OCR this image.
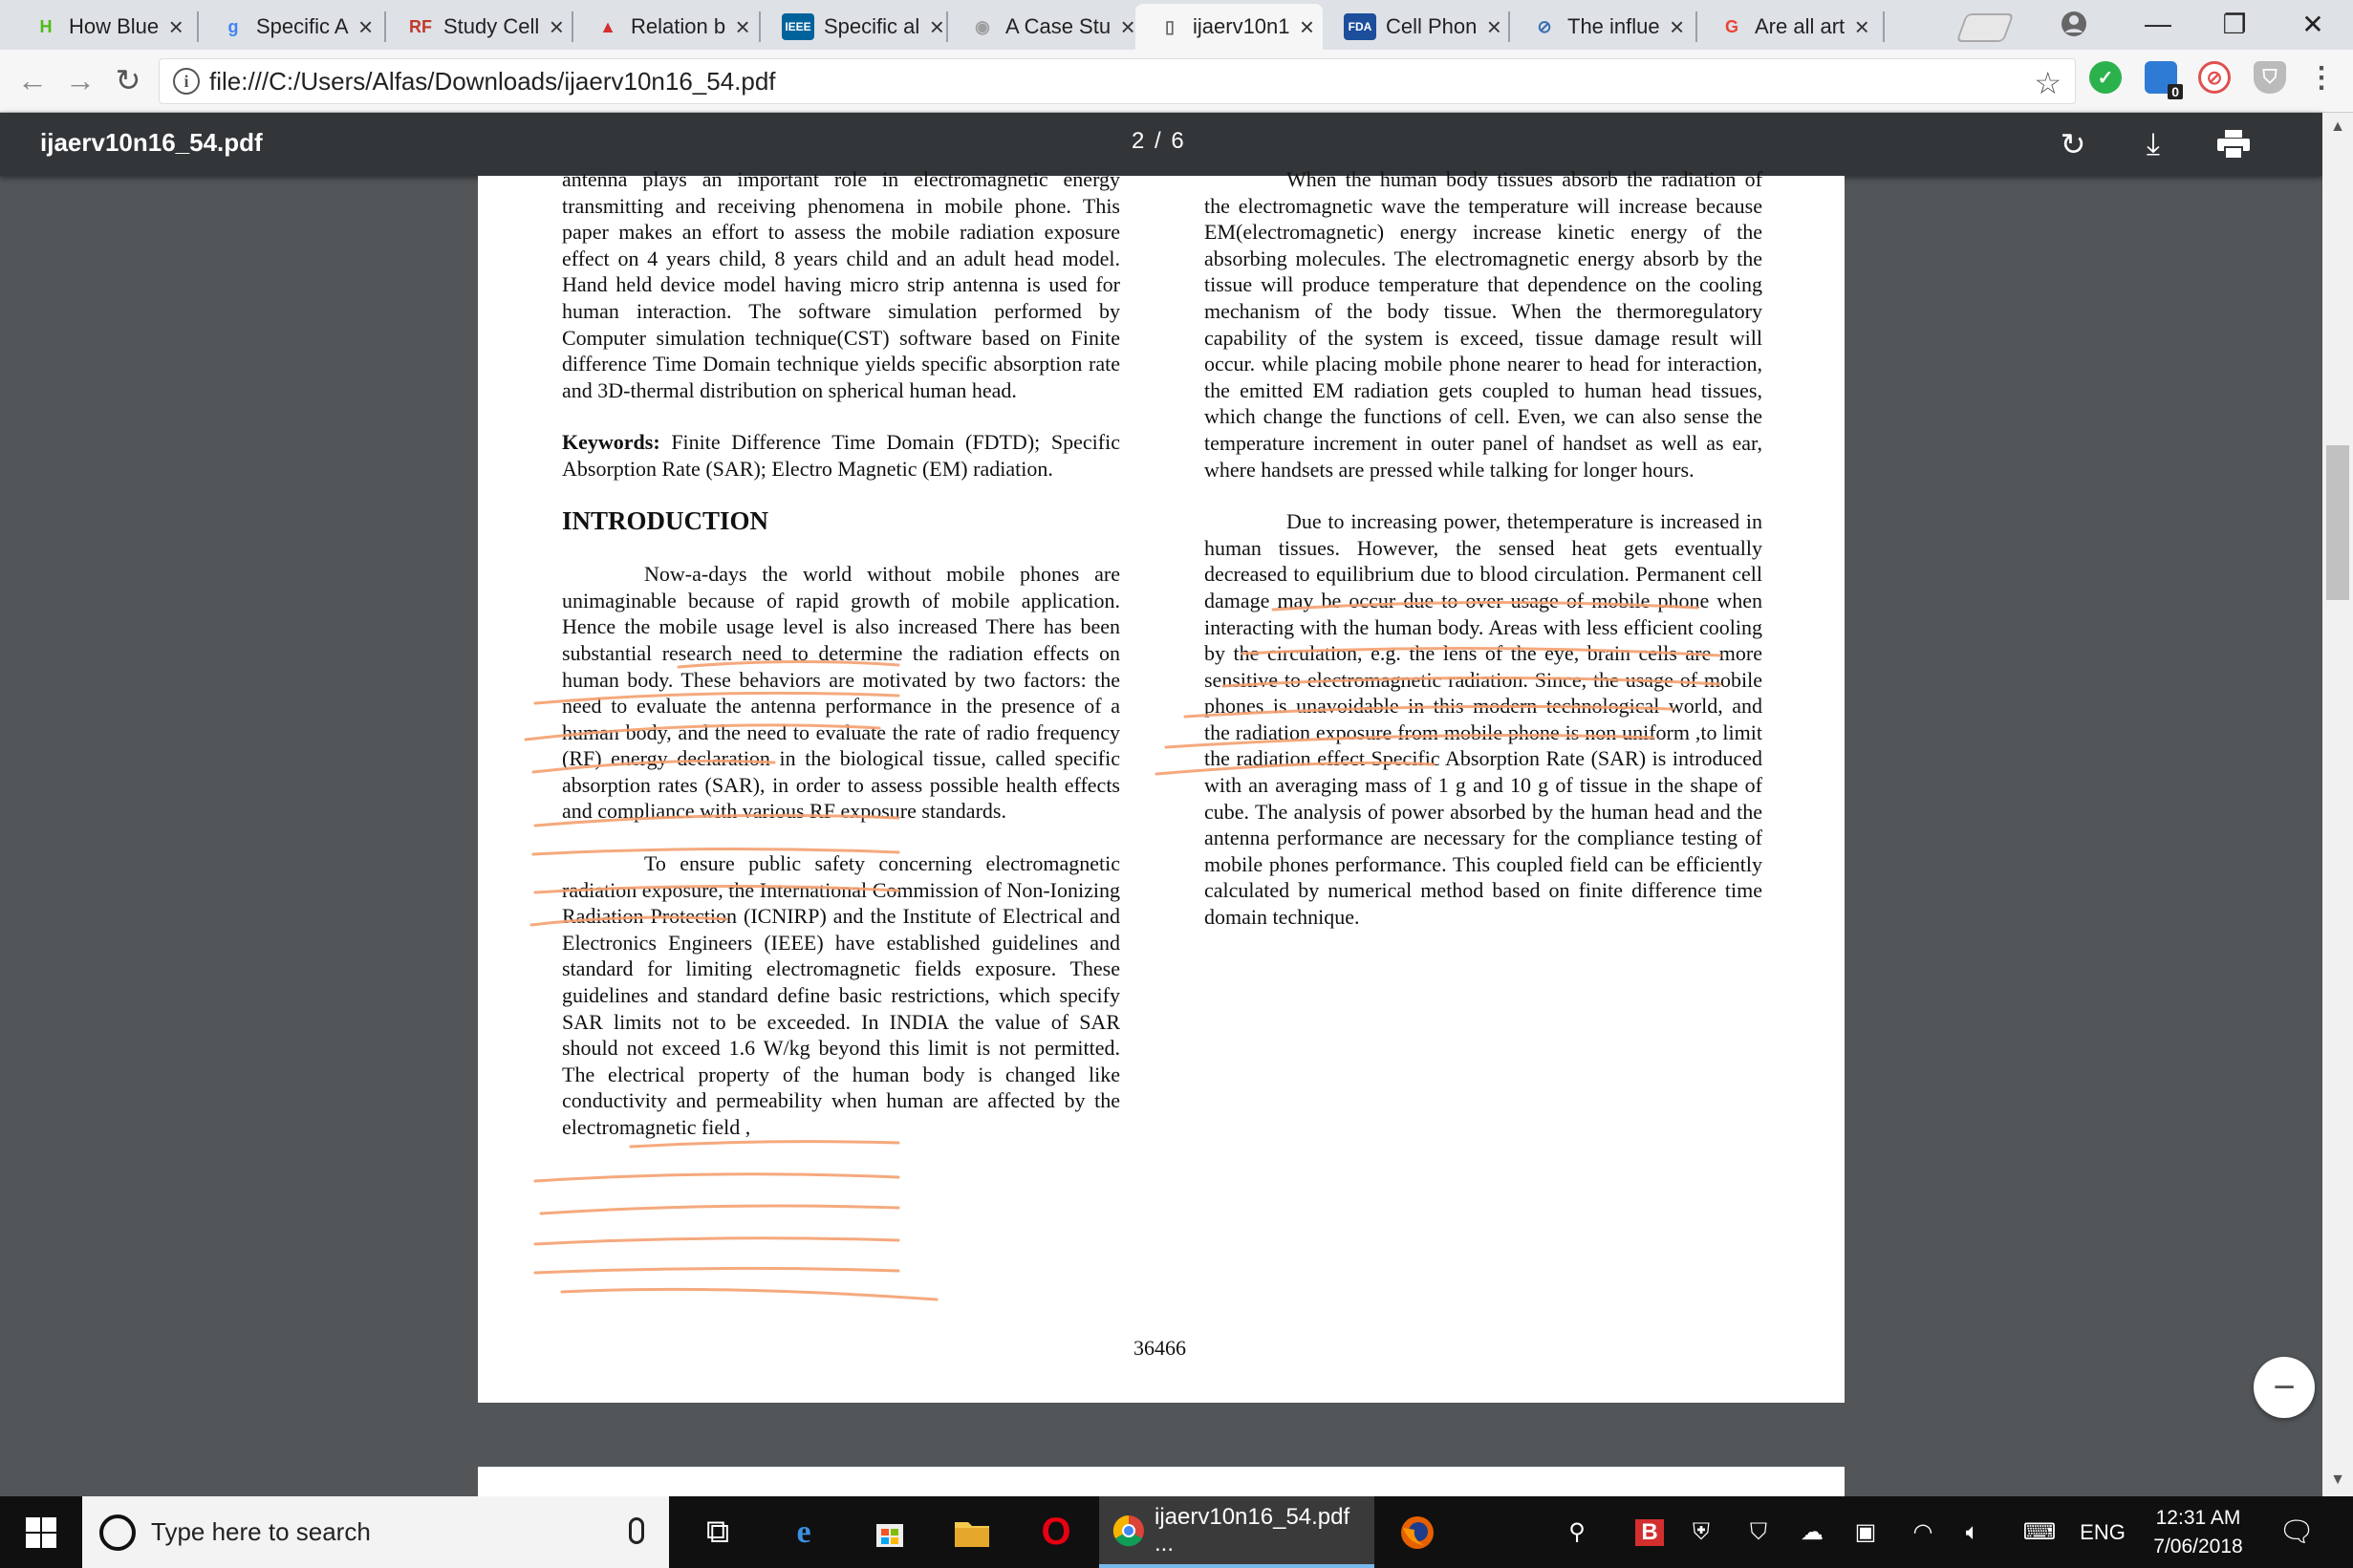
H How Blue ×	g Specific A × RF Study Cell × ▲ Relation b ×	IEEE Specific al ×	◉ A Case Stu ×	▯ ijaerv10n1 ×	FDA Cell Phon ×	⊘ The influe ×	G Are all art ×	—	❐	✕
← → ↻	i file:///C:/Users/Alfas/Downloads/ijaerv10n16_54.pdf	☆	✓
0
⊘	⛉	⋮
ijaerv10n16_54.pdf	2 / 6	↻	⤓	▲
▼

antenna plays an important role in electromagnetic energy transmitting and receiving phenomena in mobile phone. This paper makes an effort to assess the mobile radiation exposure effect on 4 years child, 8 years child and an adult head model. Hand held device model having micro strip antenna is used for human interaction. The software simulation performed by Computer simulation technique(CST) software based on Finite difference Time Domain technique yields specific absorption rate and 3D-thermal distribution on spherical human head.

Keywords: Finite Difference Time Domain (FDTD); Specific Absorption Rate (SAR); Electro Magnetic (EM) radiation.

INTRODUCTION

Now-a-days the world without mobile phones are unimaginable because of rapid growth of mobile application. Hence the mobile usage level is also increased There has been substantial research need to determine the radiation effects on human body. These behaviors are motivated by two factors: the need to evaluate the antenna performance in the presence of a human body, and the need to evaluate the rate of radio frequency (RF) energy declaration in the biological tissue, called specific absorption rates (SAR), in order to assess possible health effects and compliance with various RF exposure standards.

To ensure public safety concerning electromagnetic radiation exposure, the International Commission of Non-Ionizing Radiation Protection (ICNIRP) and the Institute of Electrical and Electronics Engineers (IEEE) have established guidelines and standard for limiting electromagnetic fields exposure. These guidelines and standard define basic restrictions, which specify SAR limits not to be exceeded. In INDIA the value of SAR should not exceed 1.6 W/kg beyond this limit is not permitted. The electrical property of the human body is changed like conductivity and permeability when human are affected by the electromagnetic field ,

When the human body tissues absorb the radiation of the electromagnetic wave the temperature will increase because EM(electromagnetic) energy increase kinetic energy of the absorbing molecules. The electromagnetic energy absorb by the tissue will produce temperature that dependence on the cooling mechanism of the body tissue. When the thermoregulatory capability of the system is exceed, tissue damage result will occur. while placing mobile phone nearer to head for interaction, the emitted EM radiation gets coupled to human head tissues, which change the functions of cell. Even, we can also sense the temperature increment in outer panel of handset as well as ear, where handsets are pressed while talking for longer hours.

Due to increasing power, thetemperature is increased in human tissues. However, the sensed heat gets eventually decreased to equilibrium due to blood circulation. Permanent cell damage may be occur due to over usage of mobile phone when interacting with the human body. Areas with less efficient cooling by the circulation, e.g. the lens of the eye, brain cells are more sensitive to electromagnetic radiation. Since, the usage of mobile phones is unavoidable in this modern technological world, and the radiation exposure from mobile phone is non uniform ,to limit the radiation effect Specific Absorption Rate (SAR) is introduced with an averaging mass of 1 g and 10 g of tissue in the shape of cube. The analysis of power absorbed by the human head and the antenna performance are necessary for the compliance testing of mobile phones performance. This coupled field can be efficiently calculated by numerical method based on finite difference time domain technique.

36466
−
Type here to search	⧉	e	O	ijaerv10n16_54.pdf ...	⚲	B	⛨	⛉	☁	▣	◠	🔈︎	⌨	ENG
12:31 AM
7/06/2018	🗨︎
